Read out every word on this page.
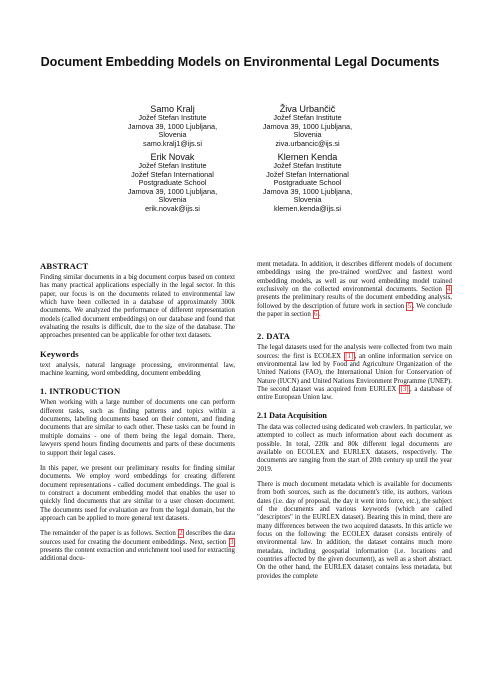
Document Embedding Models on Environmental Legal Documents
Samo Kralj
Jožef Stefan Institute
Jamova 39, 1000 Ljubljana,
Slovenia
samo.kralj1@ijs.si
Živa Urbančič
Jožef Stefan Institute
Jamova 39, 1000 Ljubljana,
Slovenia
ziva.urbancic@ijs.si
Erik Novak
Jožef Stefan Institute
Jožef Stefan International
Postgraduate School
Jamova 39, 1000 Ljubljana,
Slovenia
erik.novak@ijs.si
Klemen Kenda
Jožef Stefan Institute
Jožef Stefan International
Postgraduate School
Jamova 39, 1000 Ljubljana,
Slovenia
klemen.kenda@ijs.si
ABSTRACT

Finding similar documents in a big document corpus based on context has many practical applications especially in the legal sector. In this paper, our focus is on the documents related to environmental law which have been collected in a database of approximately 300k documents. We analyzed the performance of different representation models (called document embeddings) on our database and found that evaluating the results is difficult, due to the size of the database. The approaches presented can be applicable for other text datasets.

Keywords

text analysis, natural language processing, environmental law, machine learning, word embedding, document embedding

1. INTRODUCTION

When working with a large number of documents one can perform different tasks, such as finding patterns and topics within a documents, labeling documents based on their content, and finding documents that are similar to each other. These tasks can be found in multiple domains - one of them being the legal domain. There, lawyers spend hours finding documents and parts of these documents to support their legal cases.

In this paper, we present our preliminary results for finding similar documents. We employ word embeddings for creating different document representations - called document embeddings. The goal is to construct a document embedding model that enables the user to quickly find documents that are similar to a user chosen document. The documents used for evaluation are from the legal domain, but the approach can be applied to more general text datasets.

The remainder of the paper is as follows. Section 2 describes the data sources used for creating the document embeddings. Next, section 3 presents the content extraction and enrichment tool used for extracting additional docu-

ment metadata. In addition, it describes different models of document embeddings using the pre-trained word2vec and fasttext word embedding models, as well as our word embedding model trained exclusively on the collected environmental documents. Section 4 presents the preliminary results of the document embedding analysis, followed by the description of future work in section 5 . We conclude the paper in section 6 .

2. DATA

The legal datasets used for the analysis were collected from two main sources: the first is ECOLEX [1] , an online information service on environmental law led by Food and Agriculture Organization of the United Nations (FAO), the International Union for Conservation of Nature (IUCN) and United Nations Environment Programme (UNEP). The second dataset was acquired from EURLEX [3] , a database of entire European Union law.

2.1 Data Acquisition

The data was collected using dedicated web crawlers. In particular, we attempted to collect as much information about each document as possible. In total, 220k and 80k different legal documents are available on ECOLEX and EURLEX datasets, respectively. The documents are ranging from the start of 20th century up until the year 2019.

There is much document metadata which is available for documents from both sources, such as the document's title, its authors, various dates (i.e. day of proposal, the day it went into force, etc.), the subject of the documents and various keywords (which are called "descriptors" in the EURLEX dataset). Bearing this in mind, there are many differences between the two acquired datasets. In this article we focus on the following: the ECOLEX dataset consists entirely of environmental law. In addition, the dataset contains much more metadata, including geospatial information (i.e. locations and countries affected by the given document), as well as a short abstract. On the other hand, the EURLEX dataset contains less metadata, but provides the complete
